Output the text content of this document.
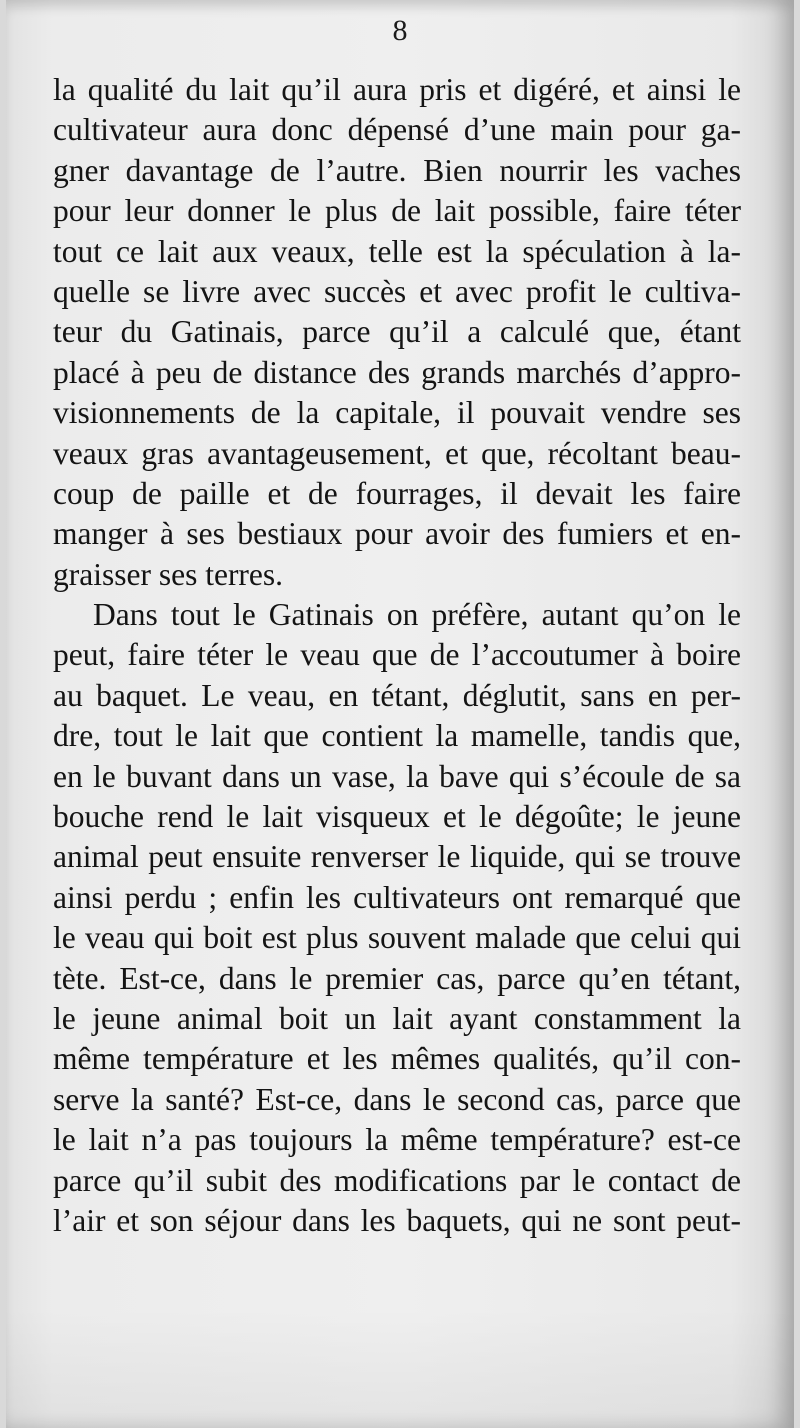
8
la qualité du lait qu’il aura pris et digéré, et ainsi le
cultivateur aura donc dépensé d’une main pour ga-
gner davantage de l’autre. Bien nourrir les vaches
pour leur donner le plus de lait possible, faire téter
tout ce lait aux veaux, telle est la spéculation à la-
quelle se livre avec succès et avec profit le cultiva-
teur du Gatinais, parce qu’il a calculé que, étant
placé à peu de distance des grands marchés d’appro-
visionnements de la capitale, il pouvait vendre ses
veaux gras avantageusement, et que, récoltant beau-
coup de paille et de fourrages, il devait les faire
manger à ses bestiaux pour avoir des fumiers et en-
graisser ses terres.
Dans tout le Gatinais on préfère, autant qu’on le
peut, faire téter le veau que de l’accoutumer à boire
au baquet. Le veau, en tétant, déglutit, sans en per-
dre, tout le lait que contient la mamelle, tandis que,
en le buvant dans un vase, la bave qui s’écoule de sa
bouche rend le lait visqueux et le dégoûte; le jeune
animal peut ensuite renverser le liquide, qui se trouve
ainsi perdu ; enfin les cultivateurs ont remarqué que
le veau qui boit est plus souvent malade que celui qui
tète. Est-ce, dans le premier cas, parce qu’en tétant,
le jeune animal boit un lait ayant constamment la
même température et les mêmes qualités, qu’il con-
serve la santé? Est-ce, dans le second cas, parce que
le lait n’a pas toujours la même température? est-ce
parce qu’il subit des modifications par le contact de
l’air et son séjour dans les baquets, qui ne sont peut-
